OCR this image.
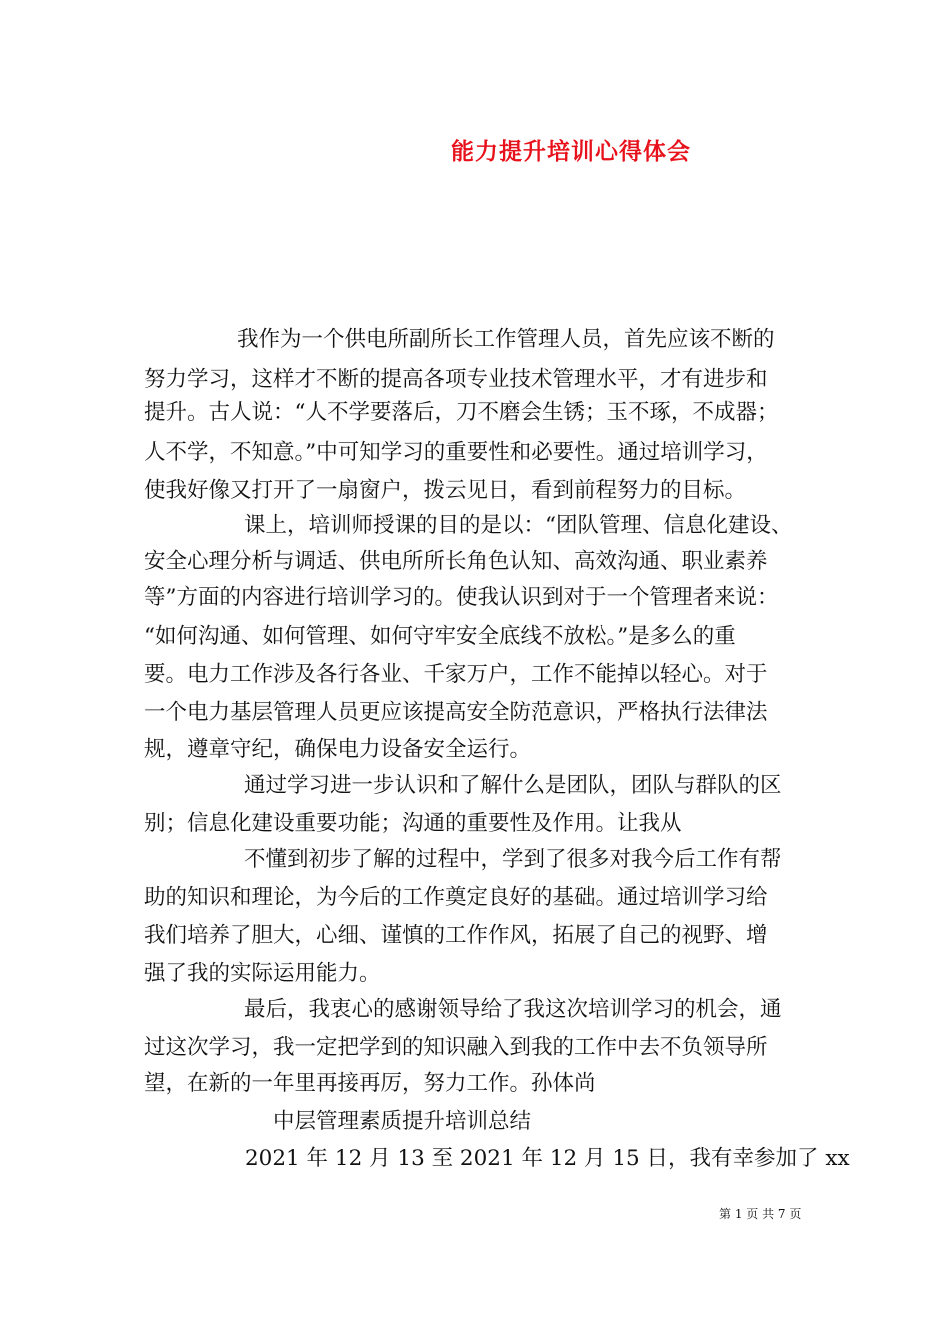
能力提升培训心得体会
我作为一个供电所副所长工作管理人员，首先应该不断的
努力学习，这样才不断的提高各项专业技术管理水平，才有进步和
提升。古人说：“人不学要落后，刀不磨会生锈；玉不琢，不成器；
人不学，不知意。”中可知学习的重要性和必要性。通过培训学习，
使我好像又打开了一扇窗户，拨云见日，看到前程努力的目标。
课上，培训师授课的目的是以：“团队管理、信息化建设、
安全心理分析与调适、供电所所长角色认知、高效沟通、职业素养
等”方面的内容进行培训学习的。使我认识到对于一个管理者来说：
“如何沟通、如何管理、如何守牢安全底线不放松。”是多么的重
要。电力工作涉及各行各业、千家万户，工作不能掉以轻心。对于
一个电力基层管理人员更应该提高安全防范意识，严格执行法律法
规，遵章守纪，确保电力设备安全运行。
通过学习进一步认识和了解什么是团队，团队与群队的区
别；信息化建设重要功能；沟通的重要性及作用。让我从
不懂到初步了解的过程中，学到了很多对我今后工作有帮
助的知识和理论，为今后的工作奠定良好的基础。通过培训学习给
我们培养了胆大，心细、谨慎的工作作风，拓展了自己的视野、增
强了我的实际运用能力。
最后，我衷心的感谢领导给了我这次培训学习的机会，通
过这次学习，我一定把学到的知识融入到我的工作中去不负领导所
望，在新的一年里再接再厉，努力工作。孙体尚
中层管理素质提升培训总结
2021 年 12 月 13 至 2021 年 12 月 15 日，我有幸参加了 xx
第 1 页 共 7 页
